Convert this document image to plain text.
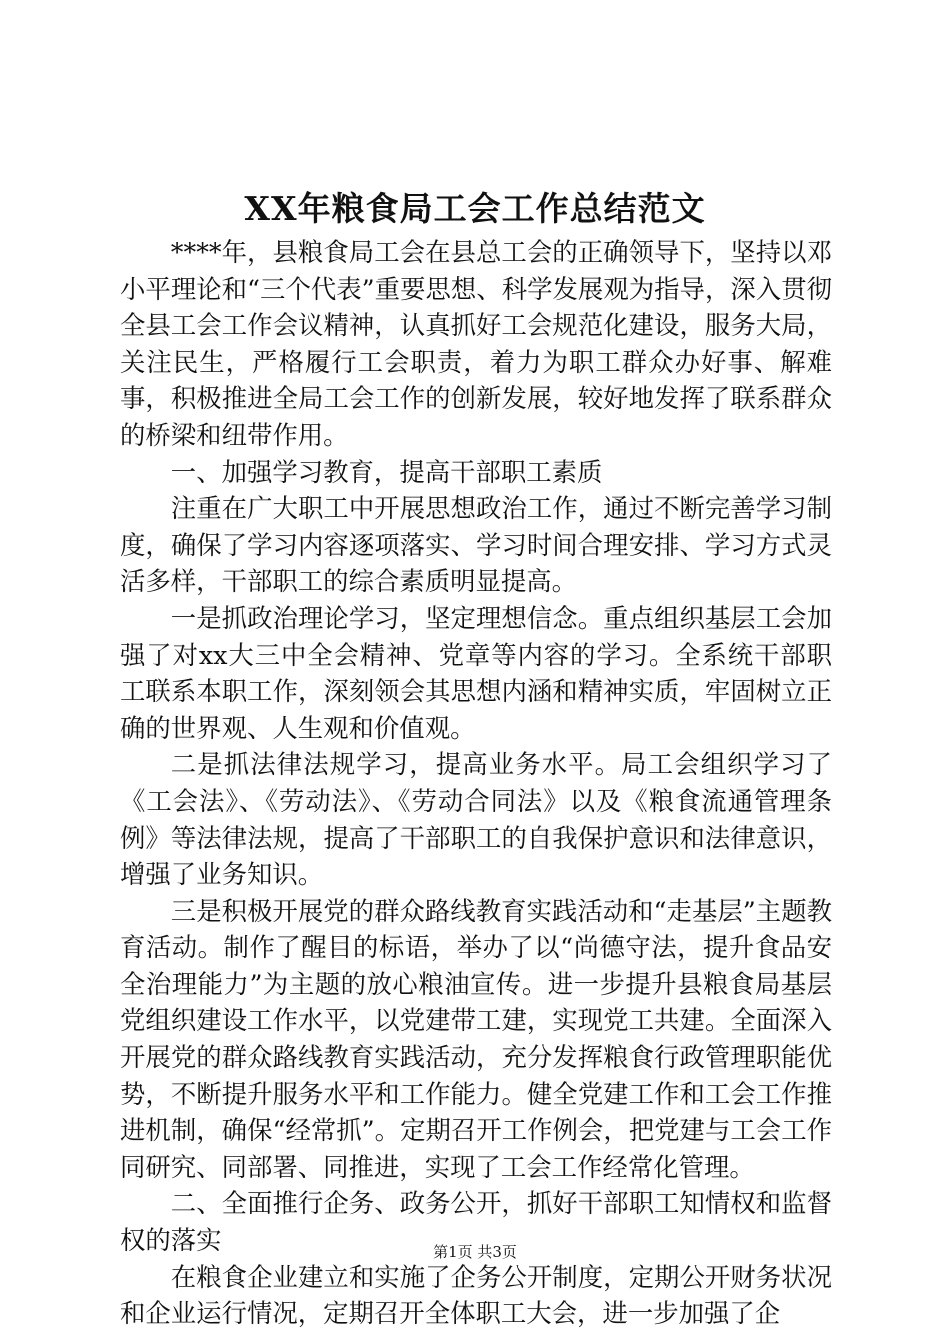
XX年粮食局工会工作总结范文

****年，县粮食局工会在县总工会的正确领导下，坚持以邓小平理论和“三个代表”重要思想、科学发展观为指导，深入贯彻全县工会工作会议精神，认真抓好工会规范化建设，服务大局，关注民生，严格履行工会职责，着力为职工群众办好事、解难事，积极推进全局工会工作的创新发展，较好地发挥了联系群众的桥梁和纽带作用。

一、加强学习教育，提高干部职工素质

注重在广大职工中开展思想政治工作，通过不断完善学习制度，确保了学习内容逐项落实、学习时间合理安排、学习方式灵活多样，干部职工的综合素质明显提高。

一是抓政治理论学习，坚定理想信念。重点组织基层工会加强了对xx大三中全会精神、党章等内容的学习。全系统干部职工联系本职工作，深刻领会其思想内涵和精神实质，牢固树立正确的世界观、人生观和价值观。

二是抓法律法规学习，提高业务水平。局工会组织学习了《工会法》、《劳动法》、《劳动合同法》以及《粮食流通管理条例》等法律法规，提高了干部职工的自我保护意识和法律意识，增强了业务知识。

三是积极开展党的群众路线教育实践活动和“走基层”主题教育活动。制作了醒目的标语，举办了以“尚德守法，提升食品安全治理能力”为主题的放心粮油宣传。进一步提升县粮食局基层党组织建设工作水平，以党建带工建，实现党工共建。全面深入开展党的群众路线教育实践活动，充分发挥粮食行政管理职能优势，不断提升服务水平和工作能力。健全党建工作和工会工作推进机制，确保“经常抓”。定期召开工作例会，把党建与工会工作同研究、同部署、同推进，实现了工会工作经常化管理。

二、全面推行企务、政务公开，抓好干部职工知情权和监督权的落实

在粮食企业建立和实施了企务公开制度，定期公开财务状况和企业运行情况，定期召开全体职工大会，进一步加强了企

第1页 共3页
